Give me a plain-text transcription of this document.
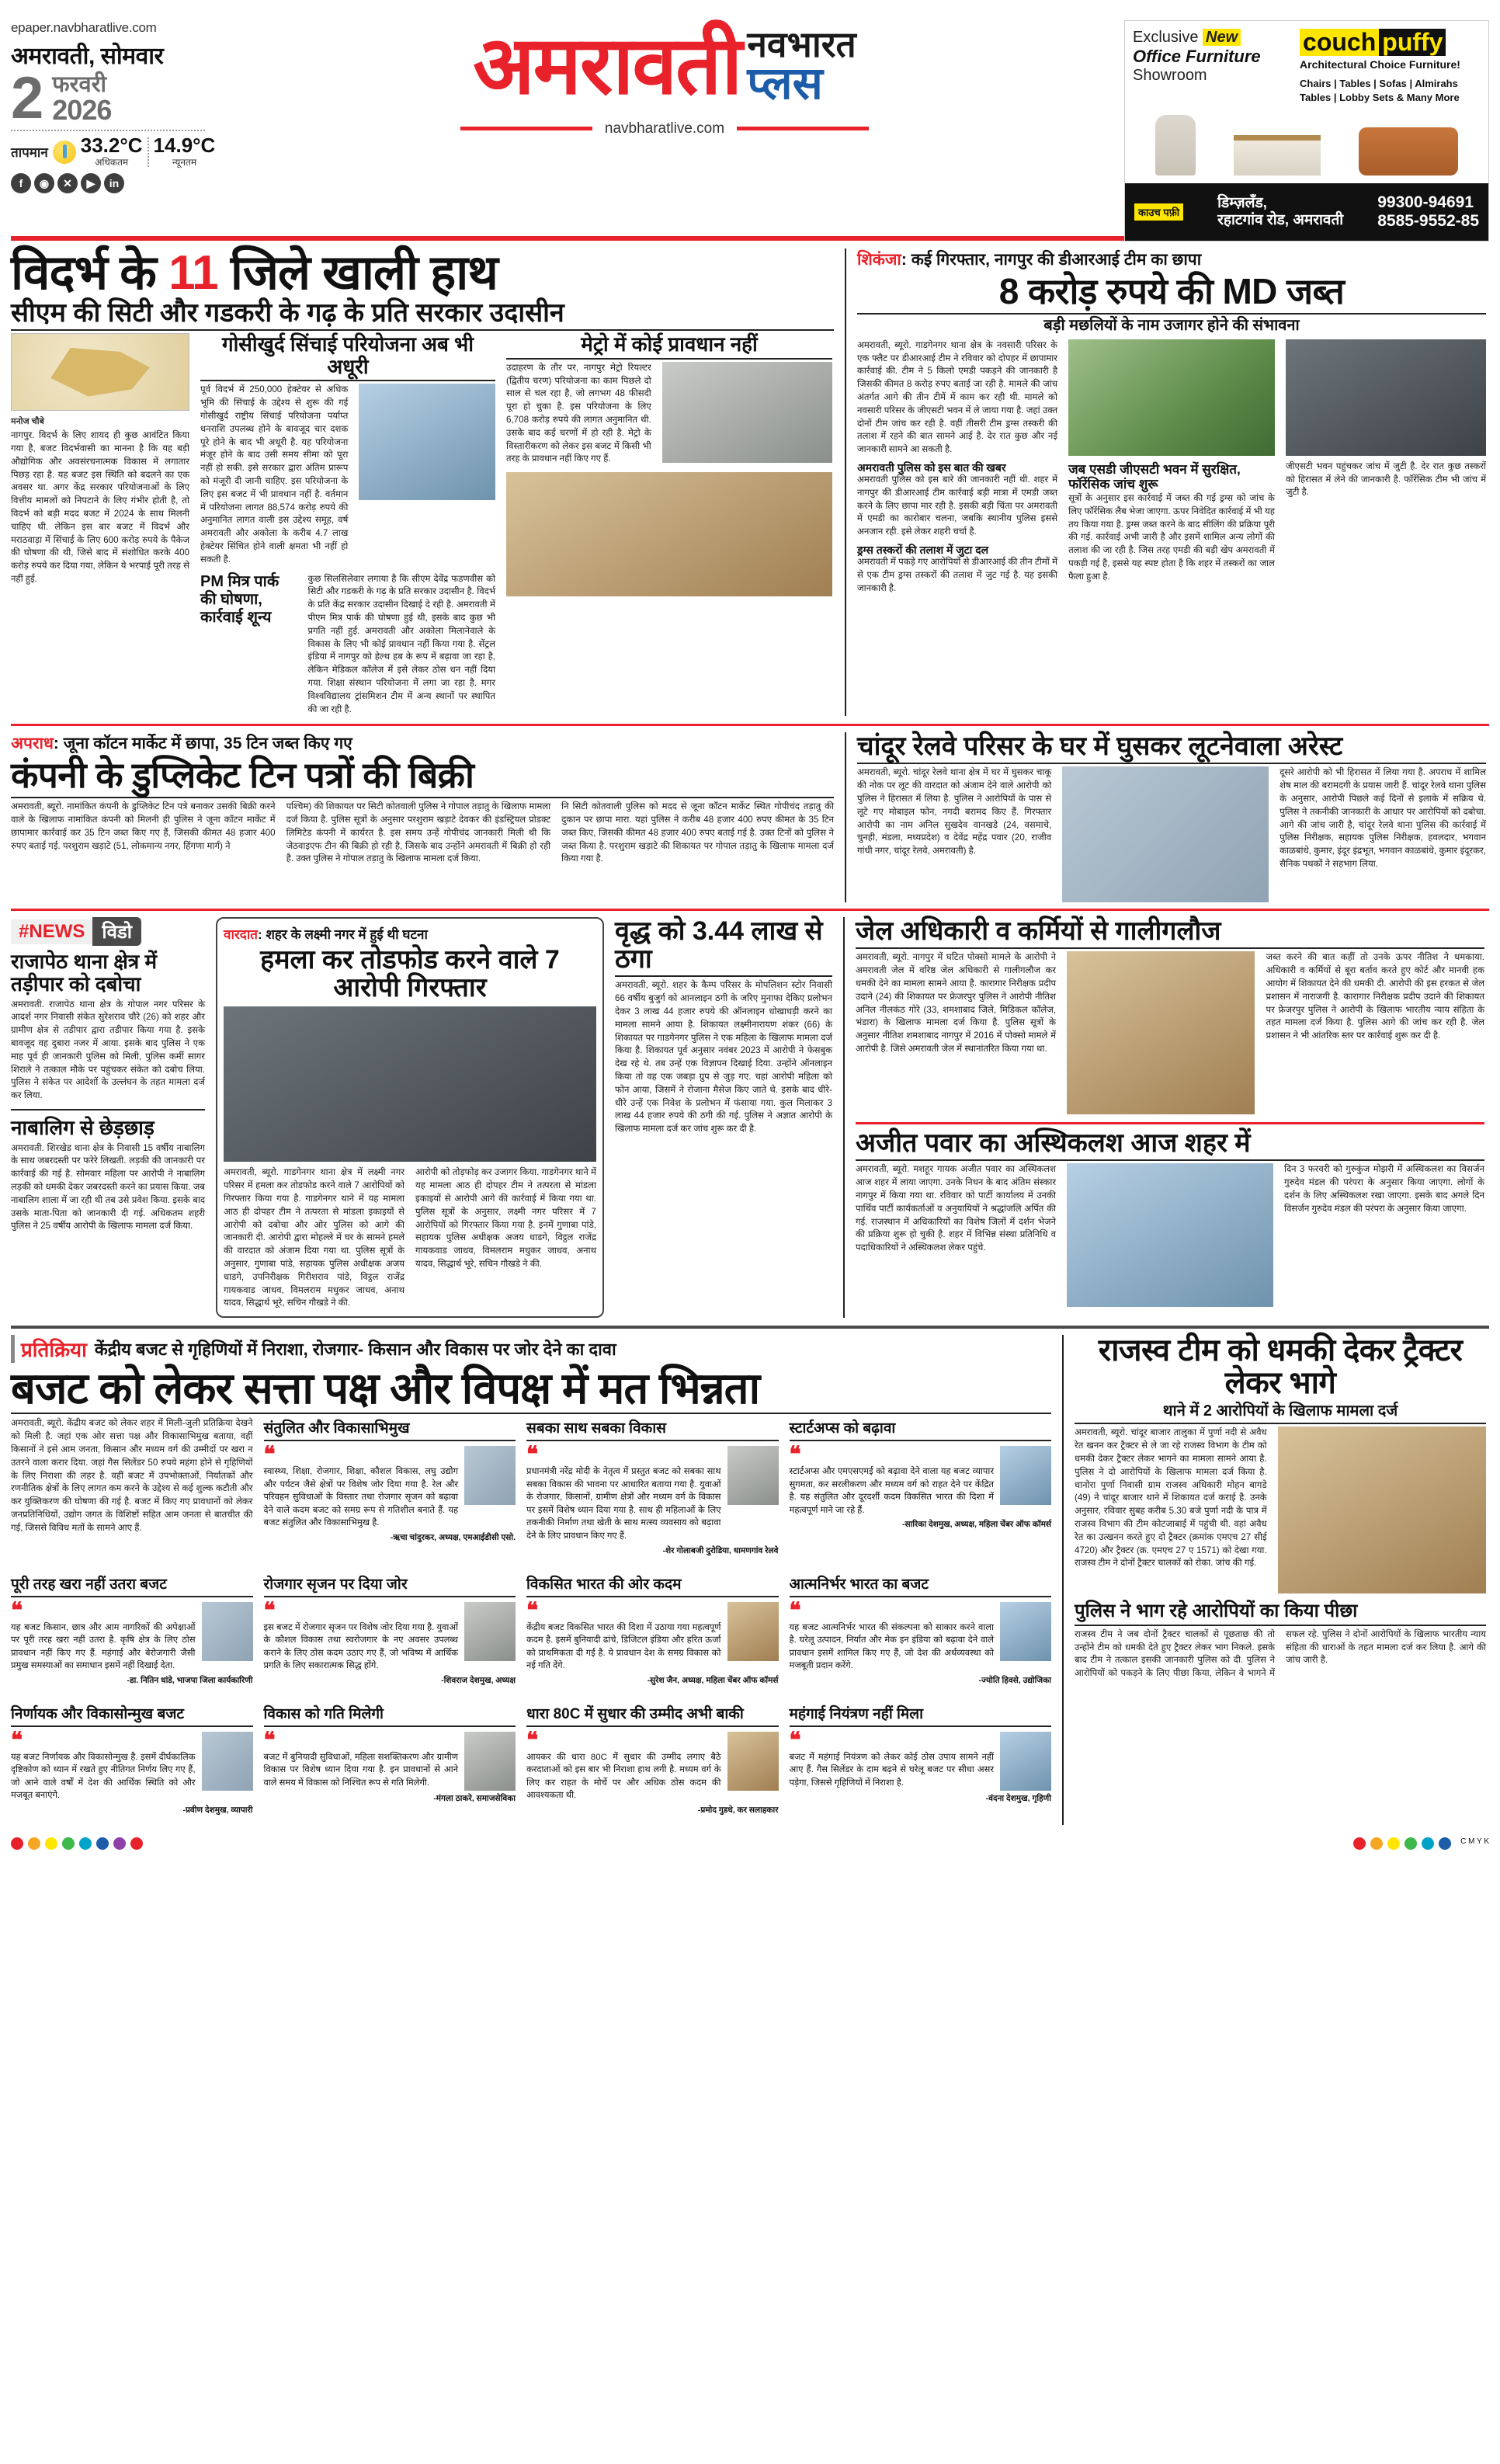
epaper.navbharatlive.com
अमरावती, सोमवार
2 फरवरी
2026
तापमान 33.2°C
अधिकतम
14.9°C
न्यूनतम
f	◉	✕	▶	in
अमरावती नवभारत
प्लस
navbharatlive.com
Exclusive New
Office Furniture
Showroom
couch puffy
Architectural Choice Furniture!
Chairs | Tables | Sofas | Almirahs
Tables | Lobby Sets & Many More
काउच पफ़ी
डिम्ज़लँड,
रहाटगांव रोड, अमरावती
99300-94691
8585-9552-85
विदर्भ के 11 जिले खाली हाथ
सीएम की सिटी और गडकरी के गढ़ के प्रति सरकार उदासीन
मनोज चौबे
नागपुर. विदर्भ के लिए शायद ही कुछ आवंटित किया गया है, बजट विदर्भवासी का मानना है कि यह बड़ी औद्योगिक और अवसंरचनात्मक विकास में लगातार पिछड़ रहा है. यह बजट इस स्थिति को बदलने का एक अवसर था. अगर केंद्र सरकार परियोजनाओं के लिए वित्तीय मामलों को निपटाने के लिए गंभीर होती है, तो विदर्भ को बड़ी मदद बजट में 2024 के साथ मिलनी चाहिए थी. लेकिन इस बार बजट में विदर्भ और मराठवाड़ा में सिंचाई के लिए 600 करोड़ रुपये के पैकेज की घोषणा की थी, जिसे बाद में संशोधित करके 400 करोड़ रुपये कर दिया गया, लेकिन ये भरपाई पूरी तरह से नहीं हुई.
गोसीखुर्द सिंचाई परियोजना अब भी अधूरी
पूर्व विदर्भ में 250,000 हेक्टेयर से अधिक भूमि की सिंचाई के उद्देश्य से शुरू की गई गोसीखुर्द राष्ट्रीय सिंचाई परियोजना पर्याप्त धनराशि उपलब्ध होने के बावजूद चार दशक पूरे होने के बाद भी अधूरी है. यह परियोजना मंजूर होने के बाद उसी समय सीमा को पूरा नहीं हो सकी. इसे सरकार द्वारा अंतिम प्रारूप को मंजूरी दी जानी चाहिए. इस परियोजना के लिए इस बजट में भी प्रावधान नहीं है. वर्तमान में परियोजना लागत 88,574 करोड़ रुपये की अनुमानित लागत वाली इस उद्देश्य समूह, वर्ष अमरावती और अकोला के करीब 4.7 लाख हेक्टेयर सिंचित होने वाली क्षमता भी नहीं हो सकती है.
PM मित्र पार्क की घोषणा, कार्रवाई शून्य
कुछ सिलसिलेवार लगाया है कि सीएम देवेंद्र फडणवीस को सिटी और गडकरी के गढ़ के प्रति सरकार उदासीन है. विदर्भ के प्रति केंद्र सरकार उदासीन दिखाई दे रही है. अमरावती में पीएम मित्र पार्क की घोषणा हुई थी, इसके बाद कुछ भी प्रगति नहीं हुई. अमरावती और अकोला मिलानेवाले के विकास के लिए भी कोई प्रावधान नहीं किया गया है. सेंट्रल इंडिया में नागपुर को हेल्थ हब के रूप में बढ़ावा जा रहा है, लेकिन मेडिकल कॉलेज में इसे लेकर ठोस धन नहीं दिया गया. शिक्षा संस्थान परियोजना में लगा जा रहा है. मगर विश्वविद्यालय ट्रांसमिशन टीम में अन्य स्थानों पर स्थापित की जा रही है.
मेट्रो में कोई प्रावधान नहीं
उदाहरण के तौर पर, नागपुर मेट्रो रियल्टर (द्वितीय चरण) परियोजना का काम पिछले दो साल से चल रहा है, जो लगभग 48 फीसदी पूरा हो चुका है. इस परियोजना के लिए 6,708 करोड़ रुपये की लागत अनुमानित थी. उसके बाद कई चरणों में हो रही है. मेट्रो के विस्तारीकरण को लेकर इस बजट में किसी भी तरह के प्रावधान नहीं किए गए हैं.
शिकंजा: कई गिरफ्तार, नागपुर की डीआरआई टीम का छापा
8 करोड़ रुपये की MD जब्त
बड़ी मछलियों के नाम उजागर होने की संभावना
अमरावती, ब्यूरो. गाडगेनगर थाना क्षेत्र के नवसारी परिसर के एक फ्लैट पर डीआरआई टीम ने रविवार को दोपहर में छापामार कार्रवाई की. टीम ने 5 किलो एमडी पकड़ने की जानकारी है जिसकी कीमत 8 करोड़ रुपए बताई जा रही है. मामले की जांच अंतर्गत आगे की तीन टीमें में काम कर रही थी. मामले को नवसारी परिसर के जीएसटी भवन में ले जाया गया है. जहां उक्त दोनों टीम जांच कर रही है. वहीं तीसरी टीम ड्रग्स तस्करी की तलाश में रहने की बात सामने आई है. देर रात कुछ और नई जानकारी सामने आ सकती है.
अमरावती पुलिस को इस बात की खबर
अमरावती पुलिस को इस बारे की जानकारी नहीं थी. शहर में नागपुर की डीआरआई टीम कार्रवाई बड़ी मात्रा में एमडी जब्त करने के लिए छापा मार रही है. इसकी बड़ी चिंता पर अमरावती में एमडी का कारोबार चलना, जबकि स्थानीय पुलिस इससे अनजान रही. इसे लेकर शहरी चर्चा है.
ड्रग्स तस्करों की तलाश में जुटा दल
अमरावती में पकड़े गए आरोपियों से डीआरआई की तीन टीमों में से एक टीम ड्रग्स तस्करों की तलाश में जुट गई है. यह इसकी जानकारी है.
जब एसडी जीएसटी भवन में सुरक्षित, फॉरेंसिक जांच शुरू
सूत्रों के अनुसार इस कार्रवाई में जब्त की गई ड्रग्स को जांच के लिए फॉरेंसिक लैब भेजा जाएगा. ऊपर निवेदित कार्रवाई में भी यह तय किया गया है. ड्रग्स जब्त करने के बाद सीलिंग की प्रक्रिया पूरी की गई. कार्रवाई अभी जारी है और इसमें शामिल अन्य लोगों की तलाश की जा रही है. जिस तरह एमडी की बड़ी खेप अमरावती में पकड़ी गई है, इससे यह स्पष्ट होता है कि शहर में तस्करों का जाल फैला हुआ है.
जीएसटी भवन पहुंचकर जांच में जुटी है. देर रात कुछ तस्करों को हिरासत में लेने की जानकारी है. फॉरेंसिक टीम भी जांच में जुटी है.
अपराध: जूना कॉटन मार्केट में छापा, 35 टिन जब्त किए गए
कंपनी के डुप्लिकेट टिन पत्रों की बिक्री
अमरावती, ब्यूरो. नामांकित कंपनी के डुप्लिकेट टिन पत्रे बनाकर उसकी बिक्री करने वाले के खिलाफ नामांकित कंपनी को मिलनी ही पुलिस ने जूना कॉटन मार्केट में छापामार कार्रवाई कर 35 टिन जब्त किए गए हैं, जिसकी कीमत 48 हजार 400 रुपए बताई गई. परशुराम खड़ाटे (51, लोकमान्य नगर, हिंगणा मार्ग) ने
पश्चिम) की शिकायत पर सिटी कोतवाली पुलिस ने गोपाल तड़ातु के खिलाफ मामला दर्ज किया है. पुलिस सूत्रों के अनुसार परशुराम खड़ाटे देवकर की इंडस्ट्रियल प्रोडक्ट लिमिटेड कंपनी में कार्यरत है. इस समय उन्हें गोपीचंद जानकारी मिली थी कि जेठवाइएफ टीन की बिक्री हो रही है, जिसके बाद उन्होंने अमरावती में बिक्री हो रही है. उक्त पुलिस ने गोपाल तड़ातु के खिलाफ मामला दर्ज किया.
नि सिटी कोतवाली पुलिस को मदद से जूना कॉटन मार्केट स्थित गोपीचंद तड़ातु की दुकान पर छापा मारा. यहां पुलिस ने करीब 48 हजार 400 रुपए कीमत के 35 टिन जब्त किए, जिसकी कीमत 48 हजार 400 रुपए बताई गई है. उक्त टिनों को पुलिस ने जब्त किया है. परशुराम खड़ाटे की शिकायत पर गोपाल तड़ातु के खिलाफ मामला दर्ज किया गया है.
चांदूर रेलवे परिसर के घर में घुसकर लूटनेवाला अरेस्ट
अमरावती, ब्यूरो. चांदूर रेलवे थाना क्षेत्र में घर में घुसकर चाकू की नोक पर लूट की वारदात को अंजाम देने वाले आरोपी को पुलिस ने हिरासत में लिया है. पुलिस ने आरोपियों के पास से लूटे गए मोबाइल फोन, नगदी बरामद किए हैं. गिरफ्तार आरोपी का नाम अनिल सुखदेव वानखडे (24, वसमाचे, चुनही, मंडला, मध्यप्रदेश) व देवेंद्र महेंद्र पवार (20, राजीव गांधी नगर, चांदूर रेलवे, अमरावती) है.
दूसरे आरोपी को भी हिरासत में लिया गया है. अपराध में शामिल शेष माल की बरामदगी के प्रयास जारी हैं. चांदूर रेलवे थाना पुलिस के अनुसार, आरोपी पिछले कई दिनों से इलाके में सक्रिय थे. पुलिस ने तकनीकी जानकारी के आधार पर आरोपियों को दबोचा. आगे की जांच जारी है, चांदूर रेलवे थाना पुलिस की कार्रवाई में पुलिस निरीक्षक, सहायक पुलिस निरीक्षक, हवलदार, भगवान काळबांधे, कुमार, इंदूर इंद्रभूत, भगवान काळबांधे, कुमार इंदूरकर, सैनिक पथकों ने सहभाग लिया.
#NEWS विडो
राजापेठ थाना क्षेत्र में तड़ीपार को दबोचा
अमरावती. राजापेठ थाना क्षेत्र के गोपाल नगर परिसर के आदर्श नगर निवासी संकेत सुरेशराव चौरे (26) को शहर और ग्रामीण क्षेत्र से तडीपार द्वारा तडीपार किया गया है. इसके बावजूद वह दुबारा नजर में आया. इसके बाद पुलिस ने एक माह पूर्व ही जानकारी पुलिस को मिली, पुलिस कर्मी सागर शिराले ने तत्काल मौके पर पहुंचकर संकेत को दबोच लिया. पुलिस ने संकेत पर आदेशों के उल्लंघन के तहत मामला दर्ज कर लिया.
नाबालिग से छेड़छाड़
अमरावती. शिरखेड थाना क्षेत्र के निवासी 15 वर्षीय नाबालिग के साथ जबरदस्ती पर फरेरे लिखती. लड़की की जानकारी पर कार्रवाई की गई है. सोमवार महिला पर आरोपी ने नाबालिग लड़की को धमकी देकर जबरदस्ती करने का प्रयास किया. जब नाबालिग शाला में जा रही थी तब उसे प्रवेश किया. इसके बाद उसके माता-पिता को जानकारी दी गई. अधिकतम शहरी पुलिस ने 25 वर्षीय आरोपी के खिलाफ मामला दर्ज किया.
वारदात: शहर के लक्ष्मी नगर में हुई थी घटना
हमला कर तोडफोड करने वाले 7 आरोपी गिरफ्तार
अमरावती, ब्यूरो. गाडगेनगर थाना क्षेत्र में लक्ष्मी नगर परिसर में हमला कर तोडफोड करने वाले 7 आरोपियों को गिरफ्तार किया गया है. गाडगेनगर थाने में यह मामला आठ ही दोपहर टीम ने तत्परता से मांडला इकाइयों से आरोपी को दबोचा और ओर पुलिस को आगे की जानकारी दी. आरोपी द्वारा मोहल्ले में घर के सामने हमले की वारदात को अंजाम दिया गया था. पुलिस सूत्रों के अनुसार, गुणाबा पांडे, सहायक पुलिस अधीक्षक अजय धाडगे, उपनिरीक्षक गिरीशराव पांडे, विट्ठल राजेंद्र गायकवाड जाधव, विमलराम मधुकर जाधव, अनाथ यादव, सिद्धार्थ भूरे, सचिन गौखडे ने की.
आरोपी को तोड़फोड़ कर उजागर किया. गाडगेनगर थाने में यह मामला आठ ही दोपहर टीम ने तत्परता से मांडला इकाइयों से आरोपी आगे की कार्रवाई में किया गया था. पुलिस सूत्रों के अनुसार, लक्ष्मी नगर परिसर में 7 आरोपियों को गिरफ्तार किया गया है. इनमें गुणाबा पांडे, सहायक पुलिस अधीक्षक अजय धाडगे, विट्ठल राजेंद्र गायकवाड जाधव, विमलराम मधुकर जाधव, अनाथ यादव, सिद्धार्थ भूरे, सचिन गौखडे ने की.
वृद्ध को 3.44 लाख से ठगा
अमरावती, ब्यूरो. शहर के कैम्प परिसर के मोपलिशन स्टोर निवासी 66 वर्षीय बुजुर्ग को आनलाइन ठगी के जरिए मुनाफा देकिए प्रलोभन देकर 3 लाख 44 हजार रुपये की ऑनलाइन धोखाधड़ी करने का मामला सामने आया है. शिकायत लक्ष्मीनारायण शंकर (66) के शिकायत पर गाडगेनगर पुलिस ने एक महिला के खिलाफ मामला दर्ज किया है. शिकायत पूर्व अनुसार नवंबर 2023 में आरोपी ने फेसबुक देख रहे थे. तब उन्हें एक विज्ञापन दिखाई दिया. उन्होंने ऑनलाइन किया तो वह एक जबड़ा ग्रुप से जुड़ गए. चहां आरोपी महिला को फोन आया, जिसमें ने रोजाना मैसेज किए जाते थे. इसके बाद धीरे-धीरे उन्हें एक निवेश के प्रलोभन में फंसाया गया. कुल मिलाकर 3 लाख 44 हजार रुपये की ठगी की गई. पुलिस ने अज्ञात आरोपी के खिलाफ मामला दर्ज कर जांच शुरू कर दी है.
जेल अधिकारी व कर्मियों से गालीगलौज
अमरावती, ब्यूरो. नागपुर में घटित पोक्सो मामले के आरोपी ने अमरावती जेल में वरिष्ठ जेल अधिकारी से गालीगलौज कर धमकी देने का मामला सामने आया है. कारागार निरीक्षक प्रदीप उदाने (24) की शिकायत पर फ्रेजरपुर पुलिस ने आरोपी नीतिश अनिल नीलकंठ गोरे (33, शमशाबाद जिले, मिडिकल कॉलेज, भंडारा) के खिलाफ मामला दर्ज किया है. पुलिस सूत्रों के अनुसार नीतिश शमशाबाद नागपुर में 2016 में पोक्सो मामले में आरोपी है. जिसे अमरावती जेल में स्थानांतरित किया गया था.
जब्त करने की बात कहीं तो उनके ऊपर नीतिश ने धमकाया. अधिकारी व कर्मियों से बूरा बर्ताव करते हुए कोर्ट और मानवी हक आयोग में शिकायत देने की धमकी दी. आरोपी की इस हरकत से जेल प्रशासन में नाराजगी है. कारागार निरीक्षक प्रदीप उदाने की शिकायत पर फ्रेजरपुर पुलिस ने आरोपी के खिलाफ भारतीय न्याय संहिता के तहत मामला दर्ज किया है. पुलिस आगे की जांच कर रही है. जेल प्रशासन ने भी आंतरिक स्तर पर कार्रवाई शुरू कर दी है.
अजीत पवार का अस्थिकलश आज शहर में
अमरावती, ब्यूरो. मशहूर गायक अजीत पवार का अस्थिकलश आज शहर में लाया जाएगा. उनके निधन के बाद अंतिम संस्कार नागपुर में किया गया था. रविवार को पार्टी कार्यालय में उनकी पार्थिव पार्टी कार्यकर्ताओं व अनुयायियों ने श्रद्धांजलि अर्पित की गई. राजस्थान में अधिकारियों का विशेष जिलों में दर्शन भेजने की प्रक्रिया शुरू हो चुकी है. शहर में विभिन्न संस्था प्रतिनिधि व पदाधिकारियों ने अस्थिकलश लेकर पहुंचे.
दिन 3 फरवरी को गुरुकुंज मोझरी में अस्थिकलश का विसर्जन गुरुदेव मंडल की परंपरा के अनुसार किया जाएगा. लोगों के दर्शन के लिए अस्थिकलश रखा जाएगा. इसके बाद अगले दिन विसर्जन गुरुदेव मंडल की परंपरा के अनुसार किया जाएगा.
प्रतिक्रिया केंद्रीय बजट से गृहिणियों में निराशा, रोजगार- किसान और विकास पर जोर देने का दावा
बजट को लेकर सत्ता पक्ष और विपक्ष में मत भिन्नता
अमरावती, ब्यूरो. केंद्रीय बजट को लेकर शहर में मिली-जुली प्रतिक्रिया देखने को मिली है. जहां एक ओर सत्ता पक्ष और विकासाभिमुख बताया, वहीं किसानों ने इसे आम जनता, किसान और मध्यम वर्ग की उम्मीदों पर खरा न उतरने वाला करार दिया. जहां गैस सिलेंडर 50 रुपये महंगा होने से गृहिणियों के लिए निराशा की लहर है. वहीं बजट में उपभोक्ताओं, निर्यातकों और रणनीतिक क्षेत्रों के लिए लागत कम करने के उद्देश्य से कई शुल्क कटौती और कर युक्तिकरण की घोषणा की गई है. बजट में किए गए प्रावधानों को लेकर जनप्रतिनिधियों, उद्योग जगत के विशिष्टों सहित आम जनता से बातचीत की गई, जिससे विविध मतों के सामने आए हैं.
संतुलित और विकासाभिमुख
❝
स्वास्थ्य, शिक्षा, रोजगार, शिक्षा, कौशल विकास, लघु उद्योग और पर्यटन जैसे क्षेत्रों पर विशेष जोर दिया गया है. रेल और परिवहन सुविधाओं के विस्तार तथा रोजगार सृजन को बढ़ावा देने वाले कदम बजट को समग्र रूप से गतिशील बनाते हैं. यह बजट संतुलित और विकासाभिमुख है.
-ऋचा चांदुरकर, अध्यक्ष, एमआईडीसी एसो.
सबका साथ सबका विकास
❝
प्रधानमंत्री नरेंद्र मोदी के नेतृत्व में प्रस्तुत बजट को सबका साथ सबका विकास की भावना पर आधारित बताया गया है. युवाओं के रोजगार, किसानों, ग्रामीण क्षेत्रों और मध्यम वर्ग के विकास पर इसमें विशेष ध्यान दिया गया है. साथ ही महिलाओं के लिए तकनीकी निर्माण तथा खेती के साथ मत्स्य व्यवसाय को बढ़ावा देने के लिए प्रावधान किए गए हैं.
-शेर गोलाबजी दुरोडिया, धामणगांव रेलवे
स्टार्टअप्स को बढ़ावा
❝
स्टार्टअप्स और एमएसएमई को बढ़ावा देने वाला यह बजट व्यापार सुगमता, कर सरलीकरण और मध्यम वर्ग को राहत देने पर केंद्रित है. यह संतुलित और दूरदर्शी कदम विकसित भारत की दिशा में महत्वपूर्ण माने जा रहे हैं.
-सारिका देशमुख, अध्यक्ष, महिला चेंबर ऑफ कॉमर्स
पूरी तरह खरा नहीं उतरा बजट
❝
यह बजट किसान, छात्र और आम नागरिकों की अपेक्षाओं पर पूरी तरह खरा नहीं उतरा है. कृषि क्षेत्र के लिए ठोस प्रावधान नहीं किए गए हैं. महंगाई और बेरोजगारी जैसी प्रमुख समस्याओं का समाधान इसमें नहीं दिखाई देता.
-डा. नितिन धांडे, भाजपा जिला कार्यकारिणी
रोजगार सृजन पर दिया जोर
❝
इस बजट में रोजगार सृजन पर विशेष जोर दिया गया है. युवाओं के कौशल विकास तथा स्वरोजगार के नए अवसर उपलब्ध कराने के लिए ठोस कदम उठाए गए हैं, जो भविष्य में आर्थिक प्रगति के लिए सकारात्मक सिद्ध होंगे.
-शिवराज देशमुख, अध्यक्ष
विकसित भारत की ओर कदम
❝
केंद्रीय बजट विकसित भारत की दिशा में उठाया गया महत्वपूर्ण कदम है. इसमें बुनियादी ढांचे, डिजिटल इंडिया और हरित ऊर्जा को प्राथमिकता दी गई है. ये प्रावधान देश के समग्र विकास को नई गति देंगे.
-सुरेश जैन, अध्यक्ष, महिला चेंबर ऑफ कॉमर्स
आत्मनिर्भर भारत का बजट
❝
यह बजट आत्मनिर्भर भारत की संकल्पना को साकार करने वाला है. घरेलू उत्पादन, निर्यात और मेक इन इंडिया को बढ़ावा देने वाले प्रावधान इसमें शामिल किए गए हैं, जो देश की अर्थव्यवस्था को मजबूती प्रदान करेंगे.
-ज्योति हिवसे, उद्योजिका
निर्णायक और विकासोन्मुख बजट
❝
यह बजट निर्णायक और विकासोन्मुख है. इसमें दीर्घकालिक दृष्टिकोण को ध्यान में रखते हुए नीतिगत निर्णय लिए गए हैं, जो आने वाले वर्षों में देश की आर्थिक स्थिति को और मजबूत बनाएंगे.
-प्रवीण देशमुख, व्यापारी
विकास को गति मिलेगी
❝
बजट में बुनियादी सुविधाओं, महिला सशक्तिकरण और ग्रामीण विकास पर विशेष ध्यान दिया गया है. इन प्रावधानों से आने वाले समय में विकास को निश्चित रूप से गति मिलेगी.
-मंगला ठाकरे, समाजसेविका
धारा 80C में सुधार की उम्मीद अभी बाकी
❝
आयकर की धारा 80C में सुधार की उम्मीद लगाए बैठे करदाताओं को इस बार भी निराशा हाथ लगी है. मध्यम वर्ग के लिए कर राहत के मोर्चे पर और अधिक ठोस कदम की आवश्यकता थी.
-प्रमोद गुडधे, कर सलाहकार
महंगाई नियंत्रण नहीं मिला
❝
बजट में महंगाई नियंत्रण को लेकर कोई ठोस उपाय सामने नहीं आए हैं. गैस सिलेंडर के दाम बढ़ने से घरेलू बजट पर सीधा असर पड़ेगा, जिससे गृहिणियों में निराशा है.
-वंदना देशमुख, गृहिणी
राजस्व टीम को धमकी देकर ट्रैक्टर लेकर भागे
थाने में 2 आरोपियों के खिलाफ मामला दर्ज
अमरावती, ब्यूरो. चांदूर बाजार तालुका में पुर्णा नदी से अवैध रेत खनन कर ट्रैक्टर से ले जा रहे राजस्व विभाग के टीम को धमकी देकर ट्रैक्टर लेकर भागने का मामला सामने आया है. पुलिस ने दो आरोपियों के खिलाफ मामला दर्ज किया है. धानोरा पुर्णा निवासी ग्राम राजस्व अधिकारी मोहन बागडे (49) ने चांदूर बाजार थाने में शिकायत दर्ज कराई है. उनके अनुसार, रविवार सुबह करीब 5.30 बजे पुर्णा नदी के पात्र में राजस्व विभाग की टीम कोटजाबाई में पहुंची थी. वहां अवैध रेत का उत्खनन करते हुए दो ट्रैक्टर (क्रमांक एमएच 27 सीई 4720) और ट्रैक्टर (क्र. एमएच 27 ए 1571) को देखा गया. राजस्व टीम ने दोनों ट्रैक्टर चालकों को रोका. जांच की गई.
पुलिस ने भाग रहे आरोपियों का किया पीछा
राजस्व टीम ने जब दोनों ट्रैक्टर चालकों से पूछताछ की तो उन्होंने टीम को धमकी देते हुए ट्रैक्टर लेकर भाग निकले. इसके बाद टीम ने तत्काल इसकी जानकारी पुलिस को दी. पुलिस ने आरोपियों को पकड़ने के लिए पीछा किया, लेकिन वे भागने में सफल रहे. पुलिस ने दोनों आरोपियों के खिलाफ भारतीय न्याय संहिता की धाराओं के तहत मामला दर्ज कर लिया है. आगे की जांच जारी है.
C M Y K
